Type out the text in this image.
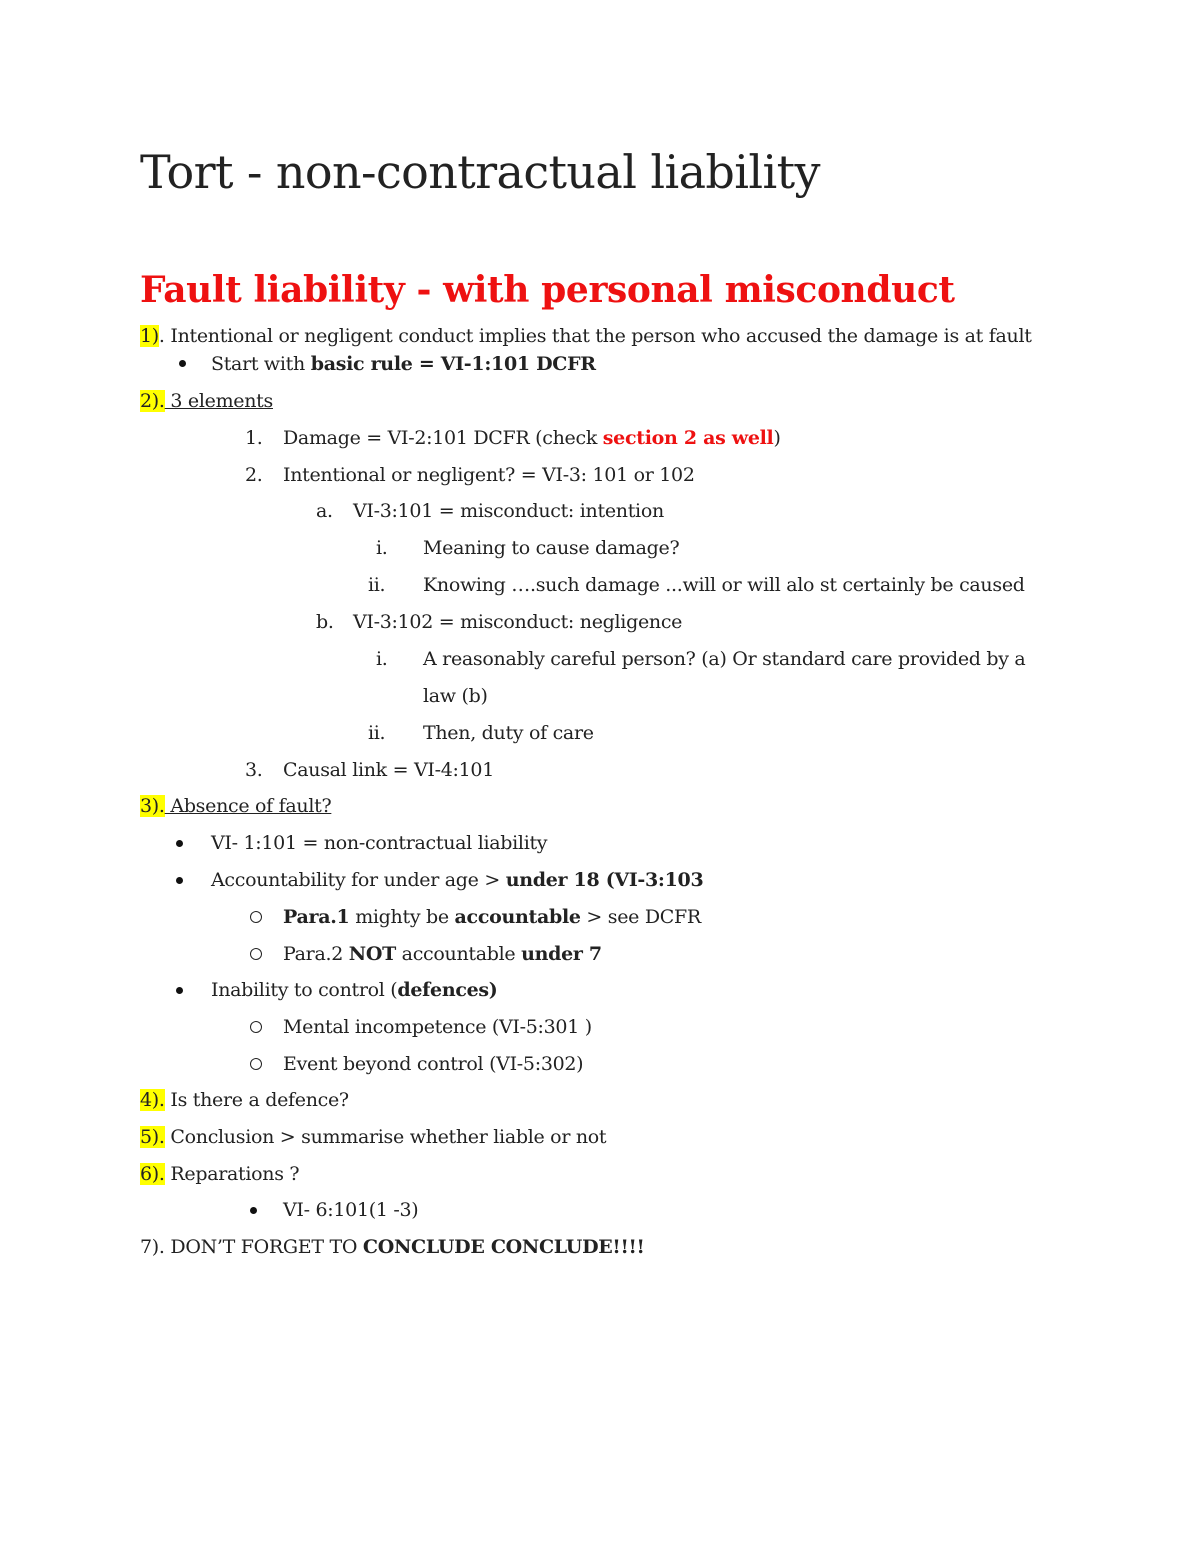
Tort - non-contractual liability
Fault liability - with personal misconduct
1). Intentional or negligent conduct implies that the person who accused the damage is at fault
Start with basic rule = VI-1:101 DCFR
2). 3 elements
1. Damage = VI-2:101 DCFR (check section 2 as well)
2. Intentional or negligent? = VI-3: 101 or 102
a. VI-3:101 = misconduct: intention
i. Meaning to cause damage?
ii. Knowing ….such damage ...will or will alo st certainly be caused
b. VI-3:102 = misconduct: negligence
i. A reasonably careful person? (a) Or standard care provided by a
law (b)
ii. Then, duty of care
3. Causal link = VI-4:101
3). Absence of fault?
VI- 1:101 = non-contractual liability
Accountability for under age > under 18 (VI-3:103
Para.1 mighty be accountable > see DCFR
Para.2 NOT accountable under 7
Inability to control (defences)
Mental incompetence (VI-5:301 )
Event beyond control (VI-5:302)
4). Is there a defence?
5). Conclusion > summarise whether liable or not
6). Reparations ?
VI- 6:101(1 -3)
7). DON’T FORGET TO CONCLUDE CONCLUDE!!!!
